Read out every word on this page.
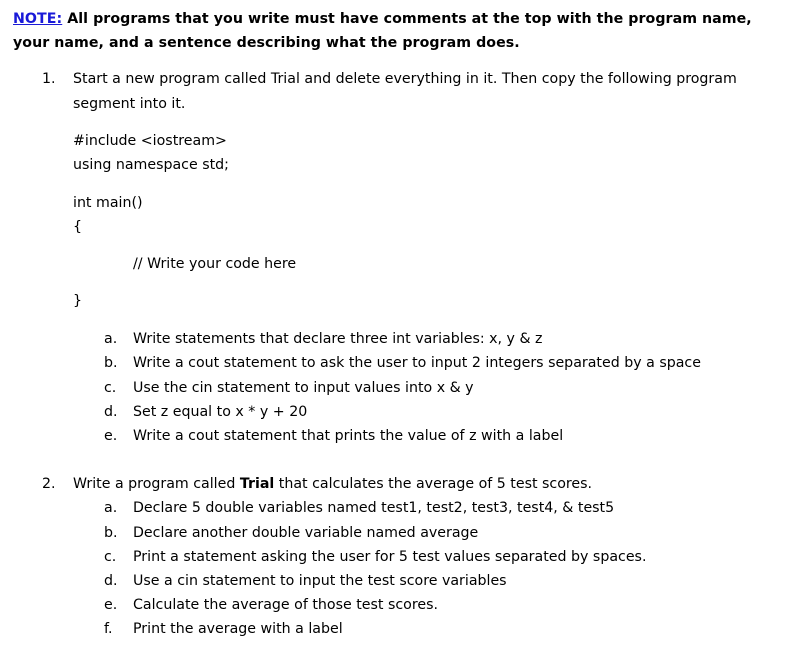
NOTE: All programs that you write must have comments at the top with the program name, your name, and a sentence describing what the program does.
1. Start a new program called Trial and delete everything in it. Then copy the following program
segment into it.
#include <iostream>
using namespace std;
int main()
{
// Write your code here
}
a.	Write statements that declare three int variables: x, y & z
b.	Write a cout statement to ask the user to input 2 integers separated by a space
c.	Use the cin statement to input values into x & y
d.	Set z equal to x * y + 20
e.	Write a cout statement that prints the value of z with a label
2. Write a program called Trial that calculates the average of 5 test scores.
a.	Declare 5 double variables named test1, test2, test3, test4, & test5
b.	Declare another double variable named average
c.	Print a statement asking the user for 5 test values separated by spaces.
d.	Use a cin statement to input the test score variables
e.	Calculate the average of those test scores.
f.	Print the average with a label
